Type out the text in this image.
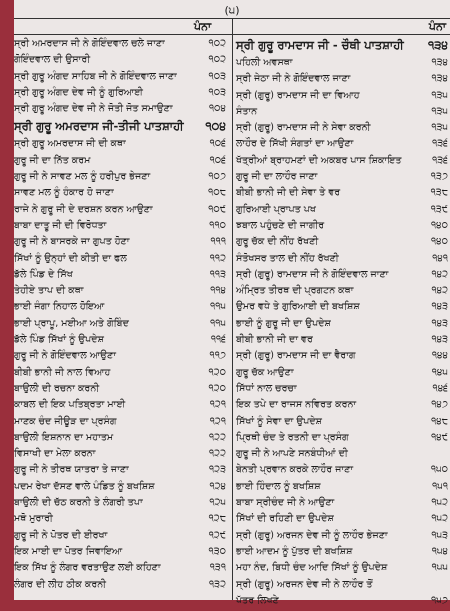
(੫)
ਪੰਨਾ	ਪੰਨਾ
ਸ੍ਰੀ ਅਮਰਦਾਸ ਜੀ ਨੇ ਗੋਇੰਦਵਾਲ ਚਲੇ ਜਾਣਾ	੧੦੨
ਗੋਇੰਦਵਾਲ ਦੀ ਉਸਾਰੀ	੧੦੨
ਸ੍ਰੀ ਗੁਰੂ ਅੰਗਦ ਸਾਹਿਬ ਜੀ ਨੇ ਗੋਇੰਦਵਾਲ ਜਾਣਾ	੧੦੩
ਸ੍ਰੀ ਗੁਰੂ ਅੰਗਦ ਦੇਵ ਜੀ ਨੂੰ ਗੁਰਿਆਈ	੧੦੩
ਸ੍ਰੀ ਗੁਰੂ ਅੰਗਦ ਦੇਵ ਜੀ ਨੇ ਜੋਤੀ ਜੋਤ ਸਮਾਉਣਾ	੧੦੪
ਸ੍ਰੀ ਗੁਰੂ ਅਮਰਦਾਸ ਜੀ-ਤੀਜੀ ਪਾਤਸ਼ਾਹੀ	੧੦੪
ਸ੍ਰੀ ਗੁਰੂ ਅਮਰਦਾਸ ਜੀ ਦੀ ਕਥਾ	੧੦੬
ਗੁਰੂ ਜੀ ਦਾ ਨਿੱਤ ਕਰਮ	੧੦੬
ਗੁਰੂ ਜੀ ਨੇ ਸਾਵਣ ਮਲ ਨੂੰ ਹਰੀਪੁਰ ਭੇਜਣਾ	੧੦੭
ਸਾਵਣ ਮਲ ਨੂੰ ਹੰਕਾਰ ਹੋ ਜਾਣਾ	੧੦੮
ਰਾਜੇ ਨੇ ਗੁਰੂ ਜੀ ਦੇ ਦਰਸ਼ਨ ਕਰਨ ਆਉਣਾ	੧੦੯
ਬਾਬਾ ਦਾਤੂ ਜੀ ਦੀ ਵਿਰੋਧਤਾ	੧੧੦
ਗੁਰੂ ਜੀ ਨੇ ਬਾਸਰਕੇ ਜਾ ਗੁਪਤ ਹੋਣਾ	੧੧੧
ਸਿੱਖਾਂ ਨੂੰ ਉਨ੍ਹਾਂ ਦੀ ਕੀਤੀ ਦਾ ਫਲ	੧੧੨
ਡੱਲੇ ਪਿੰਡ ਦੇ ਸਿੱਖ	੧੧੩
ਤੇਹੀਏ ਤਾਪ ਦੀ ਕਥਾ	੧੧੪
ਭਾਈ ਜੰਗਾ ਨਿਹਾਲ ਹੋਇਆ	੧੧੫
ਭਾਈ ਪ੍ਰਾਪੂ, ਮਈਆ ਅਤੇ ਗੋਬਿੰਦ	੧੧੫
ਡੱਲੇ ਪਿੰਡ ਸਿੱਖਾਂ ਨੂੰ ਉਪਦੇਸ਼	੧੧੬
ਗੁਰੂ ਜੀ ਨੇ ਗੋਇੰਦਵਾਲ ਆਉਣਾ	੧੧੭
ਬੀਬੀ ਭਾਨੀ ਜੀ ਨਾਲ ਵਿਆਹ	੧੨੦
ਬਾਉਲੀ ਦੀ ਰਚਨਾ ਕਰਨੀ	੧੨੦
ਕਾਬਲ ਦੀ ਇਕ ਪਤਿਬ੍ਰਤਾ ਮਾਈ	੧੨੧
ਮਾਣਕ ਚੰਦ ਜੀਊੜ ਦਾ ਪ੍ਰਸੰਗ	੧੨੧
ਬਾਉਲੀ ਇਸ਼ਨਾਨ ਦਾ ਮਹਾਤਮ	੧੨੨
ਵਿਸਾਖੀ ਦਾ ਮੇਲਾ ਕਰਨਾ	੧੨੨
ਗੁਰੂ ਜੀ ਨੇ ਤੀਰਥ ਯਾਤਰਾ ਤੇ ਜਾਣਾ	੧੨੩
ਪਦਮ ਰੇਖਾ ਦੱਸਣ ਵਾਲੇ ਪੰਡਿਤ ਨੂੰ ਬਖਸ਼ਿਸ਼	੧੨੪
ਬਾਉਲੀ ਦੀ ਚੱਠ ਕਰਨੀ ਤੇ ਲੰਗਰੀ ਤਪਾ	੧੨੫
ਮਥੋ ਮੁਰਾਰੀ	੧੨੮
ਗੁਰੂ ਜੀ ਨੇ ਪੋਤਰ ਦੀ ਈਰਖਾ	੧੨੯
ਇਕ ਮਾਈ ਦਾ ਪੋਤਰ ਜਿਵਾਇਆ	੧੩੦
ਇਕ ਸਿੱਖ ਨੂੰ ਲੰਗਰ ਵਰਤਾਉਣ ਲਈ ਕਹਿਣਾ	੧੩੧
ਲੰਗਰ ਦੀ ਲੀਹ ਠੀਕ ਕਰਨੀ	੧੩੨
ਸ੍ਰੀ ਗੁਰੂ ਰਾਮਦਾਸ ਜੀ - ਚੌਥੀ ਪਾਤਸ਼ਾਹੀ	੧੩੪
ਪਹਿਲੀ ਅਵਸਥਾ	੧੩੪
ਸ੍ਰੀ ਜੇਠਾ ਜੀ ਨੇ ਗੋਇੰਦਵਾਲ ਜਾਣਾ	੧੩੪
ਸ੍ਰੀ (ਗੁਰੂ) ਰਾਮਦਾਸ ਜੀ ਦਾ ਵਿਆਹ	੧੩੫
ਸੰਤਾਨ	੧੩੫
ਸ੍ਰੀ (ਗੁਰੂ) ਰਾਮਦਾਸ ਜੀ ਨੇ ਸੇਵਾ ਕਰਨੀ	੧੩੫
ਲਾਹੌਰ ਦੇ ਸਿੱਖੀ ਸੰਗਤਾਂ ਦਾ ਆਉਣਾ	੧੩੬
ਖੱਤ੍ਰੀਆਂ ਬ੍ਰਾਹਮਣਾਂ ਦੀ ਅਕਬਰ ਪਾਸ ਸ਼ਿਕਾਇਤ	੧੩੬
ਗੁਰੂ ਜੀ ਦਾ ਲਾਹੌਰ ਜਾਣਾ	੧੩੭
ਬੀਬੀ ਭਾਨੀ ਜੀ ਦੀ ਸੇਵਾ ਤੇ ਵਰ	੧੩੮
ਗੁਰਿਆਈ ਪ੍ਰਾਪਤ ਪਖ	੧੩੯
ਝਬਾਲ ਪਹੁੰਚਣੇ ਦੀ ਜਾਗੀਰ	੧੪੦
ਗੁਰੂ ਚੱਕ ਦੀ ਨੀਂਹ ਰੱਖਣੀ	੧੪੦
ਸੰਤੋਖਸਰ ਤਾਲ ਦੀ ਨੀਂਹ ਰੱਖਣੀ	੧੪੧
ਸ੍ਰੀ (ਗੁਰੂ) ਰਾਮਦਾਸ ਜੀ ਨੇ ਗੋਇੰਦਵਾਲ ਜਾਣਾ	੧੪੨
ਅੰਮ੍ਰਿਤ ਤੀਰਥ ਦੀ ਪ੍ਰਗਟਨ ਕਥਾ	੧੪੨
ਉਮਰ ਵਧੇ ਤੇ ਗੁਰਿਆਈ ਦੀ ਬਖਸ਼ਿਸ਼	੧੪੩
ਭਾਈ ਨੂੰ ਗੁਰੂ ਜੀ ਦਾ ਉਪਦੇਸ਼	੧੪੩
ਬੀਬੀ ਭਾਨੀ ਜੀ ਦਾ ਵਰ	੧੪੩
ਸ੍ਰੀ (ਗੁਰੂ) ਰਾਮਦਾਸ ਜੀ ਦਾ ਵੈਰਾਗ	੧੪੪
ਗੁਰੂ ਚੱਕ ਆਉਣਾ	੧੪੫
ਸਿੱਧਾਂ ਨਾਲ ਚਰਚਾ	੧੪੬
ਇਕ ਤਪੇ ਦਾ ਰਾਜਸ ਨਵਿਰਤ ਕਰਨਾ	੧੪੭
ਸਿੱਖਾਂ ਨੂੰ ਸੇਵਾ ਦਾ ਉਪਦੇਸ਼	੧੪੮
ਪ੍ਰਿਥੀ ਚੰਦ ਤੇ ਰਤਨੀ ਦਾ ਪ੍ਰਸੰਗ	੧੪੯
ਗੁਰੂ ਜੀ ਨੇ ਆਪਣੇ ਸਨਬੰਧੀਆਂ ਦੀ
ਬੇਨਤੀ ਪ੍ਰਵਾਨ ਕਰਕੇ ਲਾਹੌਰ ਜਾਣਾ	੧੫੦
ਭਾਈ ਹਿੰਦਾਲ ਨੂੰ ਬਖਸ਼ਿਸ਼	੧੫੧
ਬਾਬਾ ਸ੍ਰੀਚੰਦ ਜੀ ਨੇ ਆਉਣਾ	੧੫੨
ਸਿੱਖਾਂ ਦੀ ਰਹਿਣੀ ਦਾ ਉਪਦੇਸ਼	੧੫੨
ਸ੍ਰੀ (ਗੁਰੂ) ਅਰਜਨ ਦੇਵ ਜੀ ਨੂੰ ਲਾਹੌਰ ਭੇਜਣਾ	੧੫੩
ਭਾਈ ਆਦਮ ਨੂੰ ਪੁੱਤਰ ਦੀ ਬਖਸ਼ਿਸ਼	੧੫੪
ਮਹਾ ਨੰਦ, ਬਿਧੀ ਚੰਦ ਆਦਿ ਸਿੱਖਾਂ ਨੂੰ ਉਪਦੇਸ਼	੧੫੫
ਸ੍ਰੀ (ਗੁਰੂ) ਅਰਜਨ ਦੇਵ ਜੀ ਨੇ ਲਾਹੌਰ ਤੋਂ
ਪੱਤਰ ਲਿਖਣੇ	੧੫੭
